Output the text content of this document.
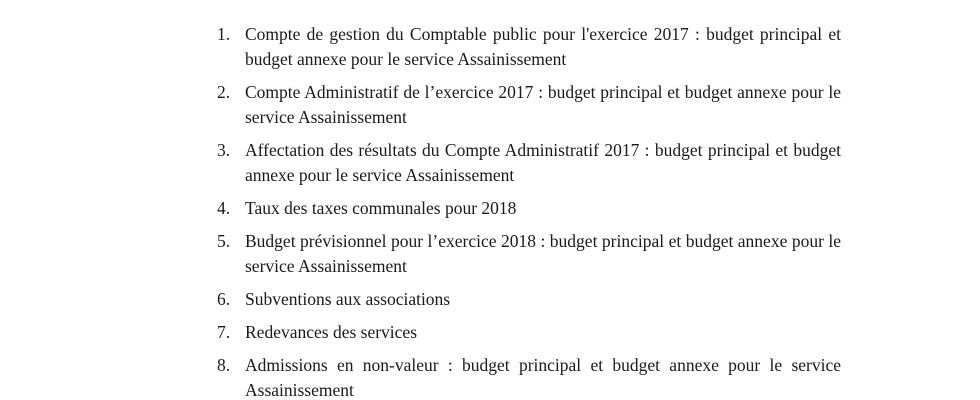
1. Compte de gestion du Comptable public pour l'exercice 2017 : budget principal et budget annexe pour le service Assainissement
2. Compte Administratif de l’exercice 2017 : budget principal et budget annexe pour le service Assainissement
3. Affectation des résultats du Compte Administratif 2017 : budget principal et budget annexe pour le service Assainissement
4. Taux des taxes communales pour 2018
5. Budget prévisionnel pour l’exercice 2018 : budget principal et budget annexe pour le service Assainissement
6. Subventions aux associations
7. Redevances des services
8. Admissions en non-valeur : budget principal et budget annexe pour le service Assainissement
